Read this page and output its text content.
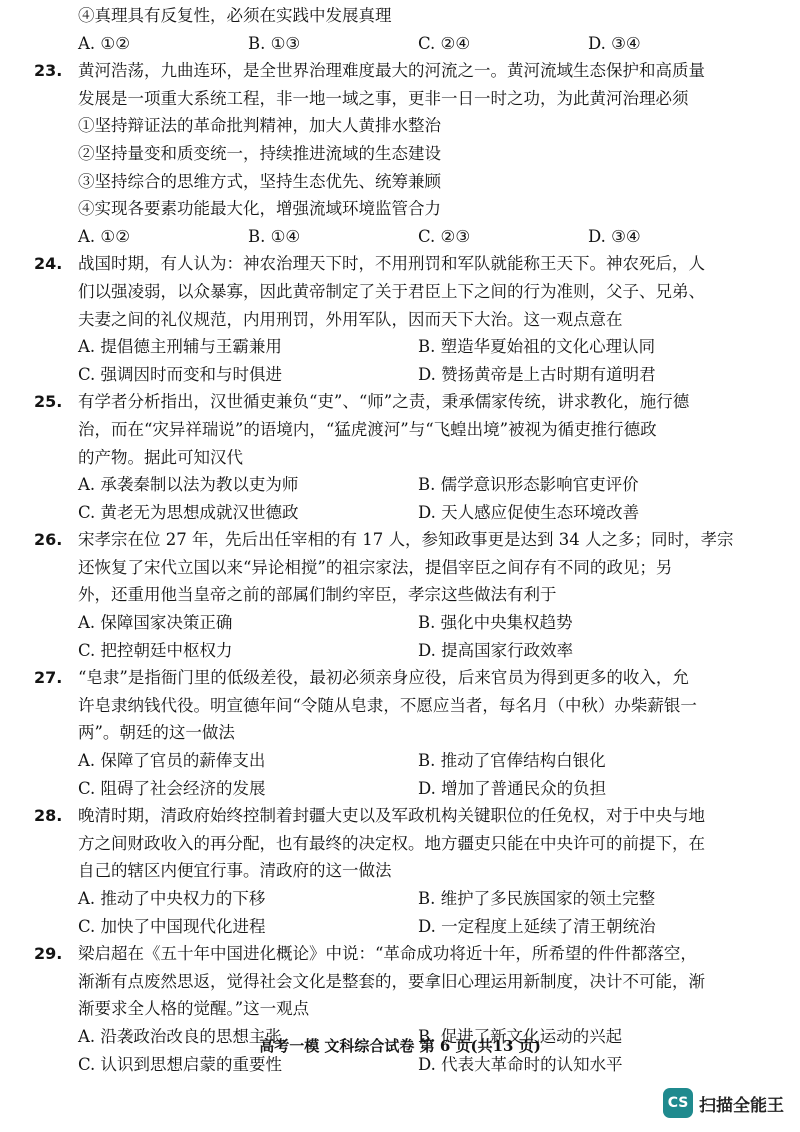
④真理具有反复性，必须在实践中发展真理
A. ①②	B. ①③	C. ②④	D. ③④
23. 黄河浩荡，九曲连环，是全世界治理难度最大的河流之一。黄河流域生态保护和高质量
发展是一项重大系统工程，非一地一域之事，更非一日一时之功，为此黄河治理必须
①坚持辩证法的革命批判精神，加大人黄排水整治
②坚持量变和质变统一，持续推进流域的生态建设
③坚持综合的思维方式，坚持生态优先、统筹兼顾
④实现各要素功能最大化，增强流域环境监管合力
A. ①②	B. ①④	C. ②③	D. ③④
24. 战国时期，有人认为：神农治理天下时，不用刑罚和军队就能称王天下。神农死后，人
们以强凌弱，以众暴寡，因此黄帝制定了关于君臣上下之间的行为准则，父子、兄弟、
夫妻之间的礼仪规范，内用刑罚，外用军队，因而天下大治。这一观点意在
A. 提倡德主刑辅与王霸兼用	B. 塑造华夏始祖的文化心理认同
C. 强调因时而变和与时俱进	D. 赞扬黄帝是上古时期有道明君
25. 有学者分析指出，汉世循吏兼负“吏”、“师”之责，秉承儒家传统，讲求教化，施行德
治，而在“灾异祥瑞说”的语境内，“猛虎渡河”与“飞蝗出境”被视为循吏推行德政
的产物。据此可知汉代
A. 承袭秦制以法为教以吏为师	B. 儒学意识形态影响官吏评价
C. 黄老无为思想成就汉世德政	D. 天人感应促使生态环境改善
26. 宋孝宗在位 27 年，先后出任宰相的有 17 人，参知政事更是达到 34 人之多；同时，孝宗
还恢复了宋代立国以来“异论相搅”的祖宗家法，提倡宰臣之间存有不同的政见；另
外，还重用他当皇帝之前的部属们制约宰臣，孝宗这些做法有利于
A. 保障国家决策正确	B. 强化中央集权趋势
C. 把控朝廷中枢权力	D. 提高国家行政效率
27. “皂隶”是指衙门里的低级差役，最初必须亲身应役，后来官员为得到更多的收入，允
许皂隶纳钱代役。明宣德年间“令随从皂隶，不愿应当者，每名月（中秋）办柴薪银一
两”。朝廷的这一做法
A. 保障了官员的薪俸支出	B. 推动了官俸结构白银化
C. 阻碍了社会经济的发展	D. 增加了普通民众的负担
28. 晚清时期，清政府始终控制着封疆大吏以及军政机构关键职位的任免权，对于中央与地
方之间财政收入的再分配，也有最终的决定权。地方疆吏只能在中央许可的前提下，在
自己的辖区内便宜行事。清政府的这一做法
A. 推动了中央权力的下移	B. 维护了多民族国家的领土完整
C. 加快了中国现代化进程	D. 一定程度上延续了清王朝统治
29. 梁启超在《五十年中国进化概论》中说：“革命成功将近十年，所希望的件件都落空，
渐渐有点废然思返，觉得社会文化是整套的，要拿旧心理运用新制度，决计不可能，渐
渐要求全人格的觉醒。”这一观点
A. 沿袭政治改良的思想主张	B. 促进了新文化运动的兴起
C. 认识到思想启蒙的重要性	D. 代表大革命时的认知水平
高考一模 文科综合试卷 第 6 页(共13 页)
CS 扫描全能王
